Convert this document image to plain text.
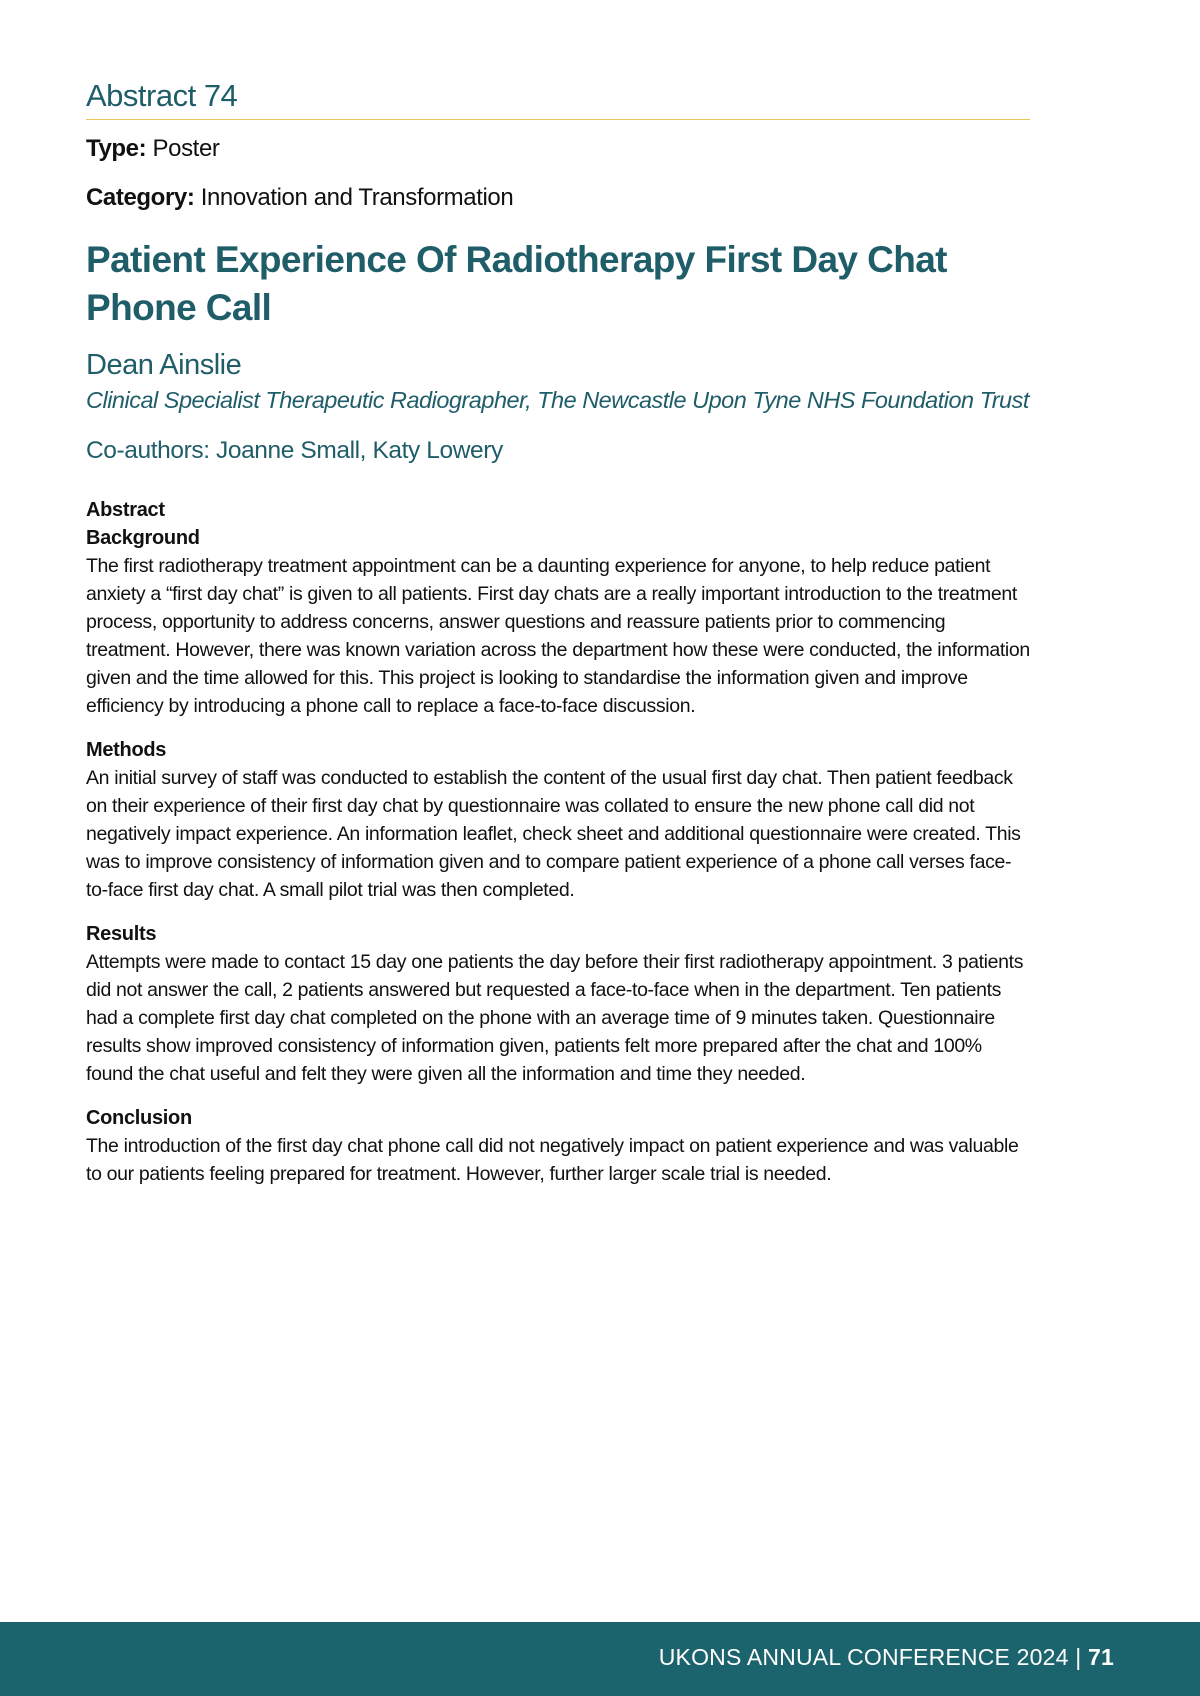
Abstract 74
Type: Poster
Category: Innovation and Transformation
Patient Experience Of Radiotherapy First Day Chat Phone Call
Dean Ainslie
Clinical Specialist Therapeutic Radiographer, The Newcastle Upon Tyne NHS Foundation Trust
Co-authors: Joanne Small, Katy Lowery

Abstract

Background

The first radiotherapy treatment appointment can be a daunting experience for anyone, to help reduce patient anxiety a “first day chat” is given to all patients. First day chats are a really important introduction to the treatment process, opportunity to address concerns, answer questions and reassure patients prior to commencing treatment. However, there was known variation across the department how these were conducted, the information given and the time allowed for this. This project is looking to standardise the information given and improve efficiency by introducing a phone call to replace a face-to-face discussion.

Methods

An initial survey of staff was conducted to establish the content of the usual first day chat. Then patient feedback on their experience of their first day chat by questionnaire was collated to ensure the new phone call did not negatively impact experience. An information leaflet, check sheet and additional questionnaire were created. This was to improve consistency of information given and to compare patient experience of a phone call verses face-to-face first day chat. A small pilot trial was then completed.

Results

Attempts were made to contact 15 day one patients the day before their first radiotherapy appointment. 3 patients did not answer the call, 2 patients answered but requested a face-to-face when in the department. Ten patients had a complete first day chat completed on the phone with an average time of 9 minutes taken. Questionnaire results show improved consistency of information given, patients felt more prepared after the chat and 100% found the chat useful and felt they were given all the information and time they needed.

Conclusion

The introduction of the first day chat phone call did not negatively impact on patient experience and was valuable to our patients feeling prepared for treatment. However, further larger scale trial is needed.

UKONS ANNUAL CONFERENCE 2024 | 71
